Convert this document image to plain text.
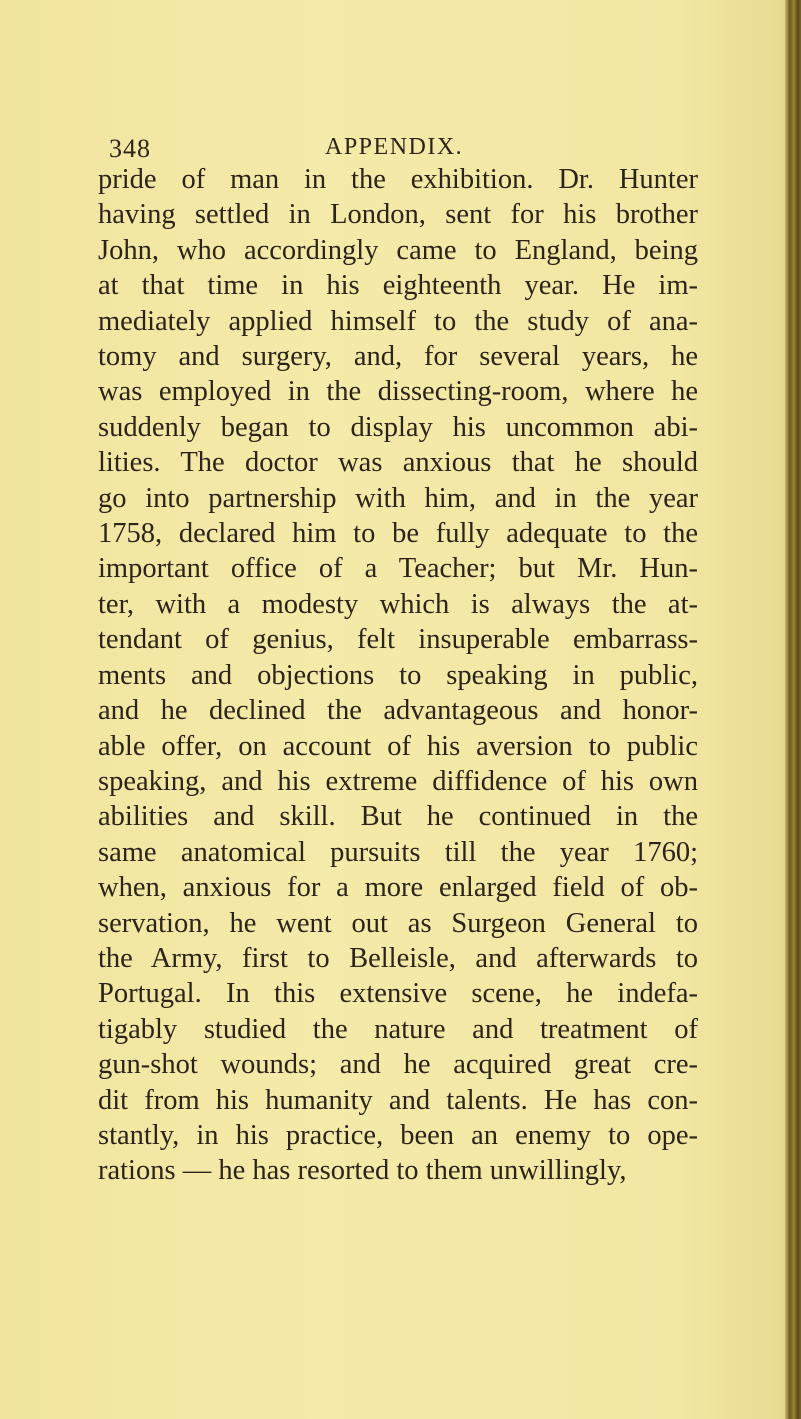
348	APPENDIX.
pride of man in the exhibition. Dr. Hunter
having settled in London, sent for his brother
John, who accordingly came to England, being
at that time in his eighteenth year. He im-
mediately applied himself to the study of ana-
tomy and surgery, and, for several years, he
was employed in the dissecting-room, where he
suddenly began to display his uncommon abi-
lities. The doctor was anxious that he should
go into partnership with him, and in the year
1758, declared him to be fully adequate to the
important office of a Teacher; but Mr. Hun-
ter, with a modesty which is always the at-
tendant of genius, felt insuperable embarrass-
ments and objections to speaking in public,
and he declined the advantageous and honor-
able offer, on account of his aversion to public
speaking, and his extreme diffidence of his own
abilities and skill. But he continued in the
same anatomical pursuits till the year 1760;
when, anxious for a more enlarged field of ob-
servation, he went out as Surgeon General to
the Army, first to Belleisle, and afterwards to
Portugal. In this extensive scene, he indefa-
tigably studied the nature and treatment of
gun-shot wounds; and he acquired great cre-
dit from his humanity and talents. He has con-
stantly, in his practice, been an enemy to ope-
rations — he has resorted to them unwillingly,
